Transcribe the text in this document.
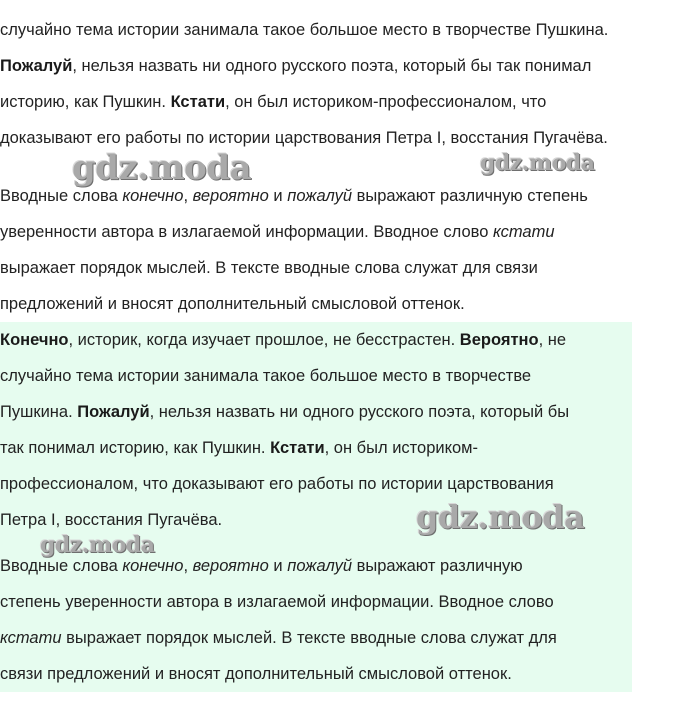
случайно тема истории занимала такое большое место в творчестве Пушкина.
Пожалуй, нельзя назвать ни одного русского поэта, который бы так понимал
историю, как Пушкин. Кстати, он был историком-профессионалом, что
доказывают его работы по истории царствования Петра I, восстания Пугачёва.
Вводные слова конечно, вероятно и пожалуй выражают различную степень
уверенности автора в излагаемой информации. Вводное слово кстати
выражает порядок мыслей. В тексте вводные слова служат для связи
предложений и вносят дополнительный смысловой оттенок.
Конечно, историк, когда изучает прошлое, не бесстрастен. Вероятно, не
случайно тема истории занимала такое большое место в творчестве
Пушкина. Пожалуй, нельзя назвать ни одного русского поэта, который бы
так понимал историю, как Пушкин. Кстати, он был историком-
профессионалом, что доказывают его работы по истории царствования
Петра I, восстания Пугачёва.
Вводные слова конечно, вероятно и пожалуй выражают различную
степень уверенности автора в излагаемой информации. Вводное слово
кстати выражает порядок мыслей. В тексте вводные слова служат для
связи предложений и вносят дополнительный смысловой оттенок.
gdz.moda	gdz.moda
gdz.moda
gdz.moda
